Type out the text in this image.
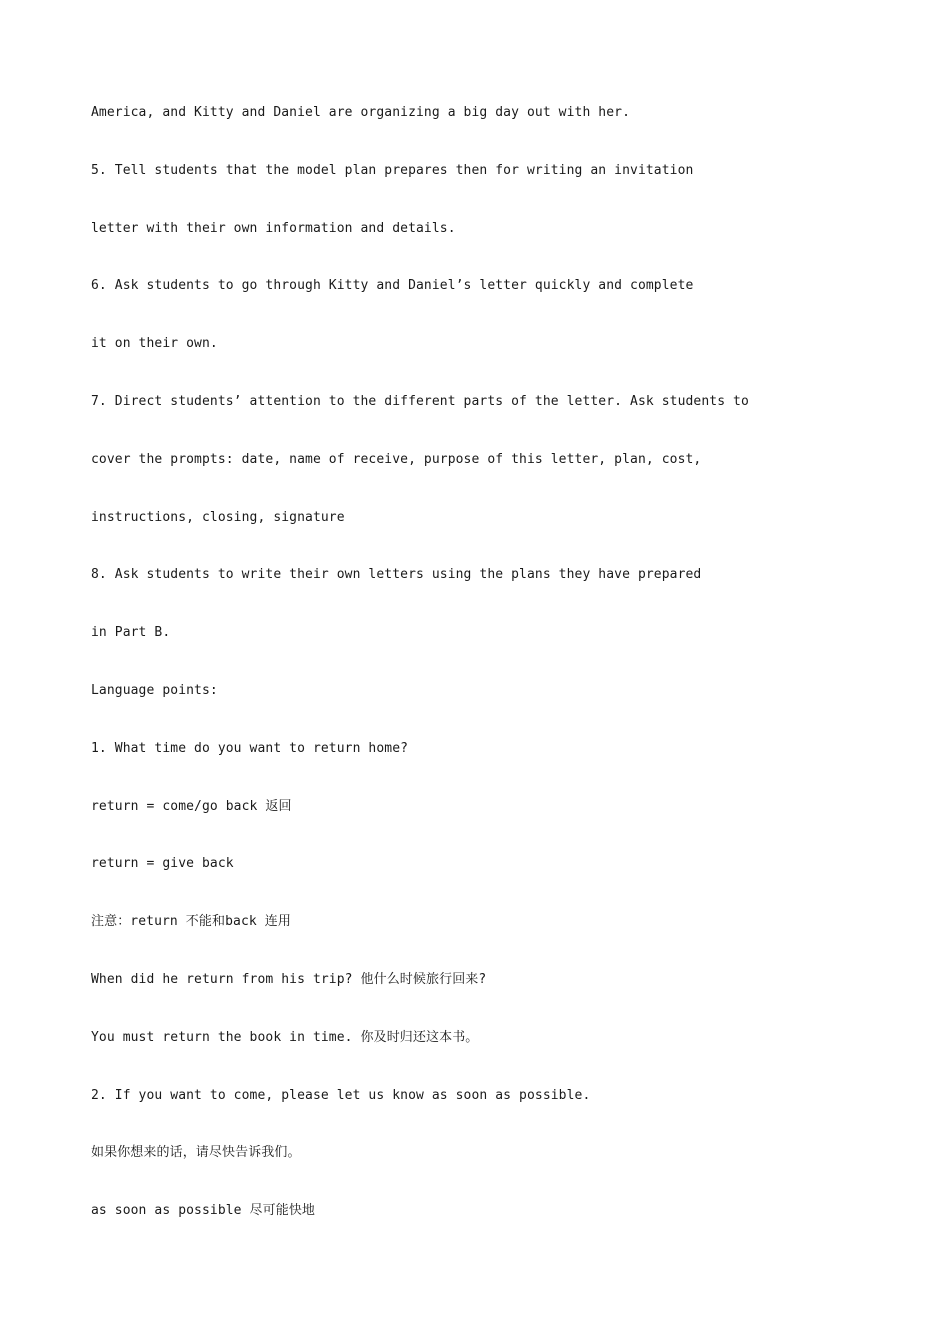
America, and Kitty and Daniel are organizing a big day out with her.
5. Tell students that the model plan prepares then for writing an invitation
letter with their own information and details.
6. Ask students to go through Kitty and Daniel’s letter quickly and complete
it on their own.
7. Direct students’ attention to the different parts of the letter. Ask students to
cover the prompts: date, name of receive, purpose of this letter, plan, cost,
instructions, closing, signature
8. Ask students to write their own letters using the plans they have prepared
in Part B.
Language points:
1. What time do you want to return home?
return = come/go back 返回
return = give back
注意：return 不能和back 连用
When did he return from his trip? 他什么时候旅行回来?
You must return the book in time. 你及时归还这本书。
2. If you want to come, please let us know as soon as possible.
如果你想来的话，请尽快告诉我们。
as soon as possible 尽可能快地
